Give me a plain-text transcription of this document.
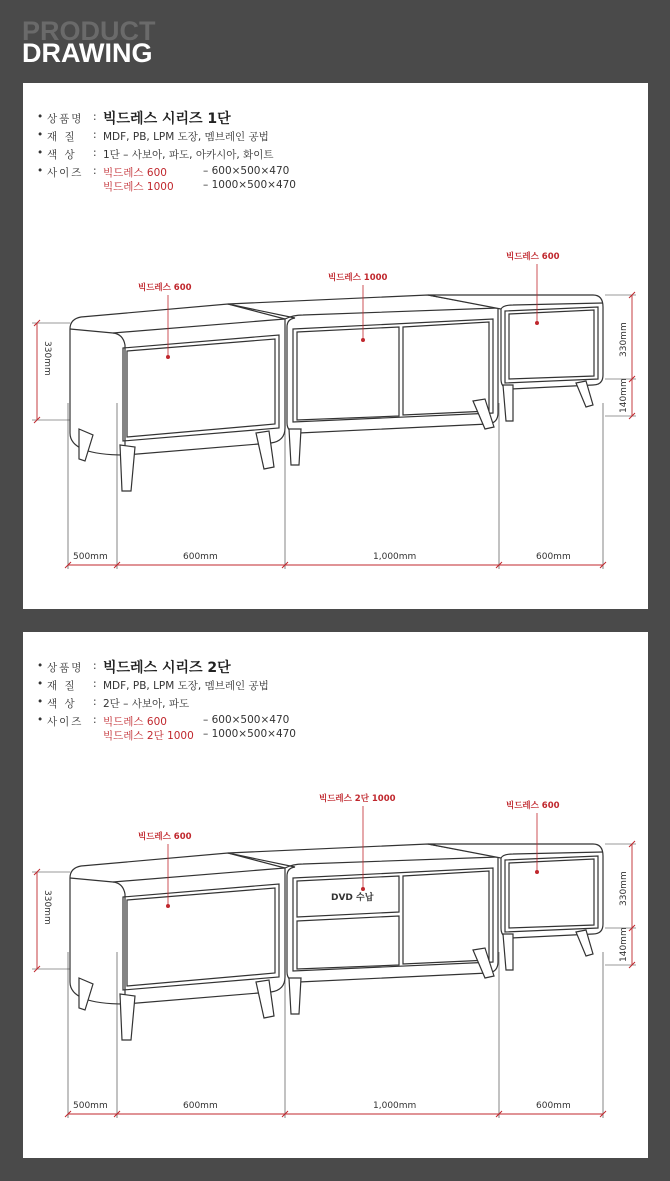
PRODUCT
DRAWING
• 상품명 : 빅드레스 시리즈 1단
• 재 질 : MDF, PB, LPM 도장, 멤브레인 공법
• 색 상 : 1단 – 사보아, 파도, 아카시아, 화이트
• 사이즈 : 빅드레스 600	– 600×500×470
빅드레스 1000	– 1000×500×470
빅드레스 600
빅드레스 1000
빅드레스 600
500mm	600mm	1,000mm	600mm
330mm
330mm
140mm
• 상품명 : 빅드레스 시리즈 2단
• 재 질 : MDF, PB, LPM 도장, 멤브레인 공법
• 색 상 : 2단 – 사보아, 파도
• 사이즈 : 빅드레스 600	– 600×500×470
빅드레스 2단 1000 – 1000×500×470
DVD 수납
빅드레스 600
빅드레스 2단 1000
빅드레스 600
500mm	600mm	1,000mm	600mm
330mm
330mm
140mm
